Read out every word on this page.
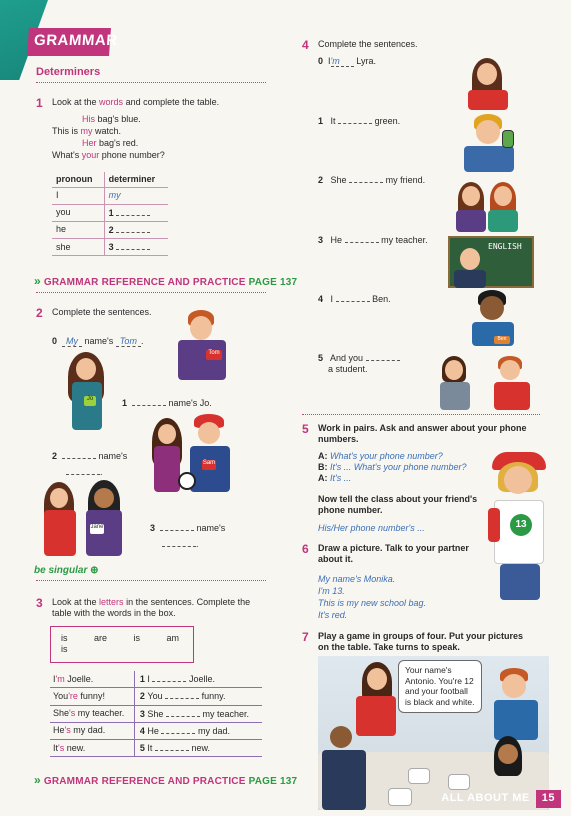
GRAMMAR
Determiners
1 Look at the words and complete the table.
His bag's blue.
This is my watch.
Her bag's red.
What's your phone number?
pronoun	determiner
I	my
you	1
he	2
she	3
» GRAMMAR REFERENCE AND PRACTICE PAGE 137
2 Complete the sentences.
0 My name's Tom .
Tom
Jo	1	name's Jo.
Sam
2	name's
.
Jane	3	name's
.
be singular ⊕
3 Look at the letters in the sentences. Complete the table with the words in the box.
is are is am is
I'm Joelle.	1 I Joelle.
You're funny!	2 You funny.
She's my teacher.	3 She my teacher.
He's my dad.	4 He my dad.
It's new.	5 It new.
» GRAMMAR REFERENCE AND PRACTICE PAGE 137
4 Complete the sentences.
0 I'm Lyra.
1 It	green.
2 She	my friend.
3 He	my teacher.
ENGLISH
4 I	Ben.
Ben
5 And you
a student.
5 Work in pairs. Ask and answer about your phone numbers.
A: What's your phone number?
B: It's ... What's your phone number?
A: It's ...
Now tell the class about your friend's phone number.
His/Her phone number's ...	13
6 Draw a picture. Talk to your partner about it.
My name's Monika.
I'm 13.
This is my new school bag.
It's red.
7 Play a game in groups of four. Put your pictures on the table. Take turns to speak.
Your name's Antonio. You're 12 and your football is black and white.
ALL ABOUT ME 15
